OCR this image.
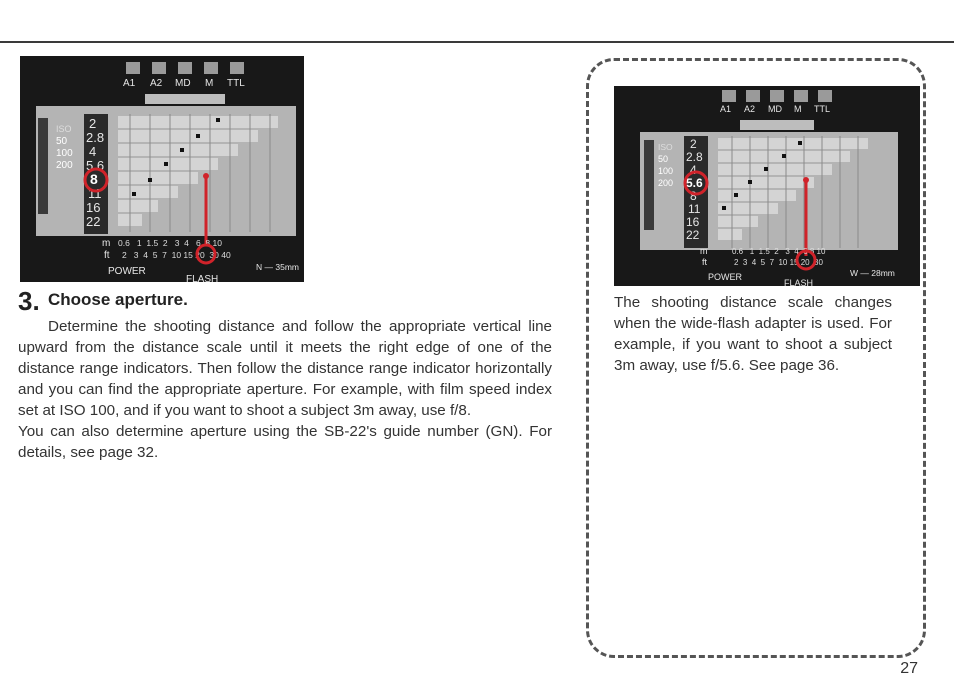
A1 A2 MD M TTL
ISO
50
100
200
2
2.8
4
5.6
8
11
16
22
m
ft
0.6   1  1.5  2   3  4   6  8 10
2   3  4  5  7  10 15 20  30 40
N — 35mm
POWER
FLASH
3. Choose aperture.

Determine the shooting distance and follow the appropriate vertical line upward from the distance scale until it meets the right edge of one of the distance range indicators. Then follow the distance range indicator horizontally and you can find the appropriate aperture. For example, with film speed index set at ISO 100, and if you want to shoot a subject 3m away, use f/8.

You can also determine aperture using the SB-22's guide number (GN). For details, see page 32.

A1 A2 MD M TTL
ISO
50
100
200
2
2.8
4
5.6
8
11
16
22
m
ft
0.6   1  1.5  2   3  4  6 8 10
2  3  4  5  7  10 15 20  30
W — 28mm
POWER
FLASH
The shooting distance scale changes when the wide-flash adapter is used. For example, if you want to shoot a subject 3m away, use f/5.6. See page 36.
27
